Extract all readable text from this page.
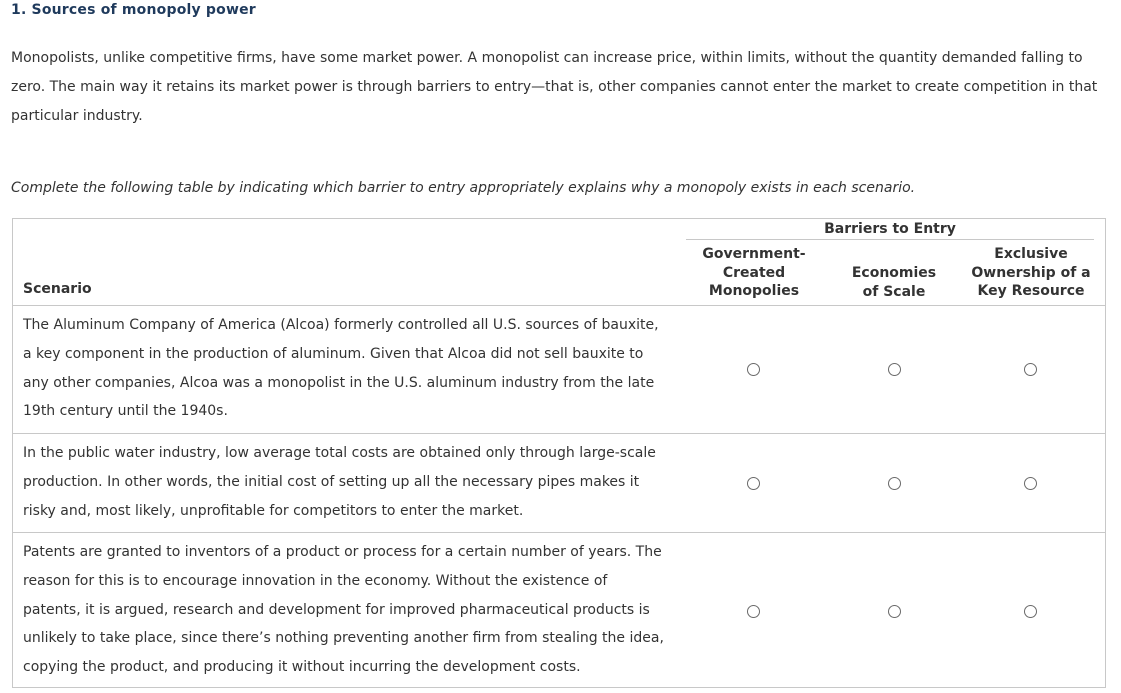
1. Sources of monopoly power
Monopolists, unlike competitive firms, have some market power. A monopolist can increase price, within limits, without the quantity demanded falling to zero. The main way it retains its market power is through barriers to entry—that is, other companies cannot enter the market to create competition in that particular industry.
Complete the following table by indicating which barrier to entry appropriately explains why a monopoly exists in each scenario.
Barriers to Entry
Government-
Created
Monopolies
Economies
of Scale
Exclusive
Ownership of a
Key Resource
Scenario
The Aluminum Company of America (Alcoa) formerly controlled all U.S. sources of bauxite, a key component in the production of aluminum. Given that Alcoa did not sell bauxite to any other companies, Alcoa was a monopolist in the U.S. aluminum industry from the late 19th century until the 1940s.
In the public water industry, low average total costs are obtained only through large-scale production. In other words, the initial cost of setting up all the necessary pipes makes it risky and, most likely, unprofitable for competitors to enter the market.
Patents are granted to inventors of a product or process for a certain number of years. The reason for this is to encourage innovation in the economy. Without the existence of patents, it is argued, research and development for improved pharmaceutical products is unlikely to take place, since there’s nothing preventing another firm from stealing the idea, copying the product, and producing it without incurring the development costs.
